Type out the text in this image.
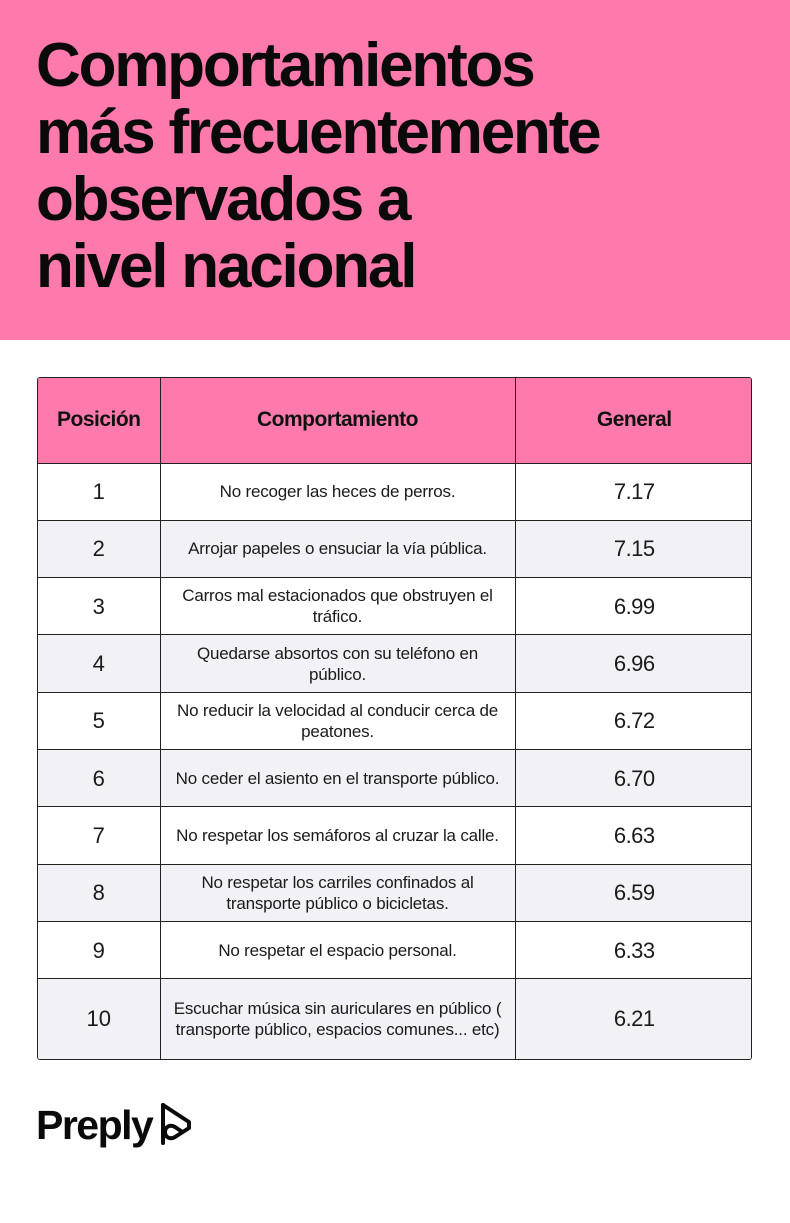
Comportamientos
más frecuentemente
observados a
nivel nacional
Posición	Comportamiento	General
1	No recoger las heces de perros.	7.17
2	Arrojar papeles o ensuciar la vía pública.	7.15
3	Carros mal estacionados que obstruyen el tráfico.	6.99
4	Quedarse absortos con su teléfono en público.	6.96
5	No reducir la velocidad al conducir cerca de peatones.	6.72
6	No ceder el asiento en el transporte público.	6.70
7	No respetar los semáforos al cruzar la calle.	6.63
8	No respetar los carriles confinados al transporte público o bicicletas.	6.59
9	No respetar el espacio personal.	6.33
10	Escuchar música sin auriculares en público ( transporte público, espacios comunes... etc)	6.21
Preply
